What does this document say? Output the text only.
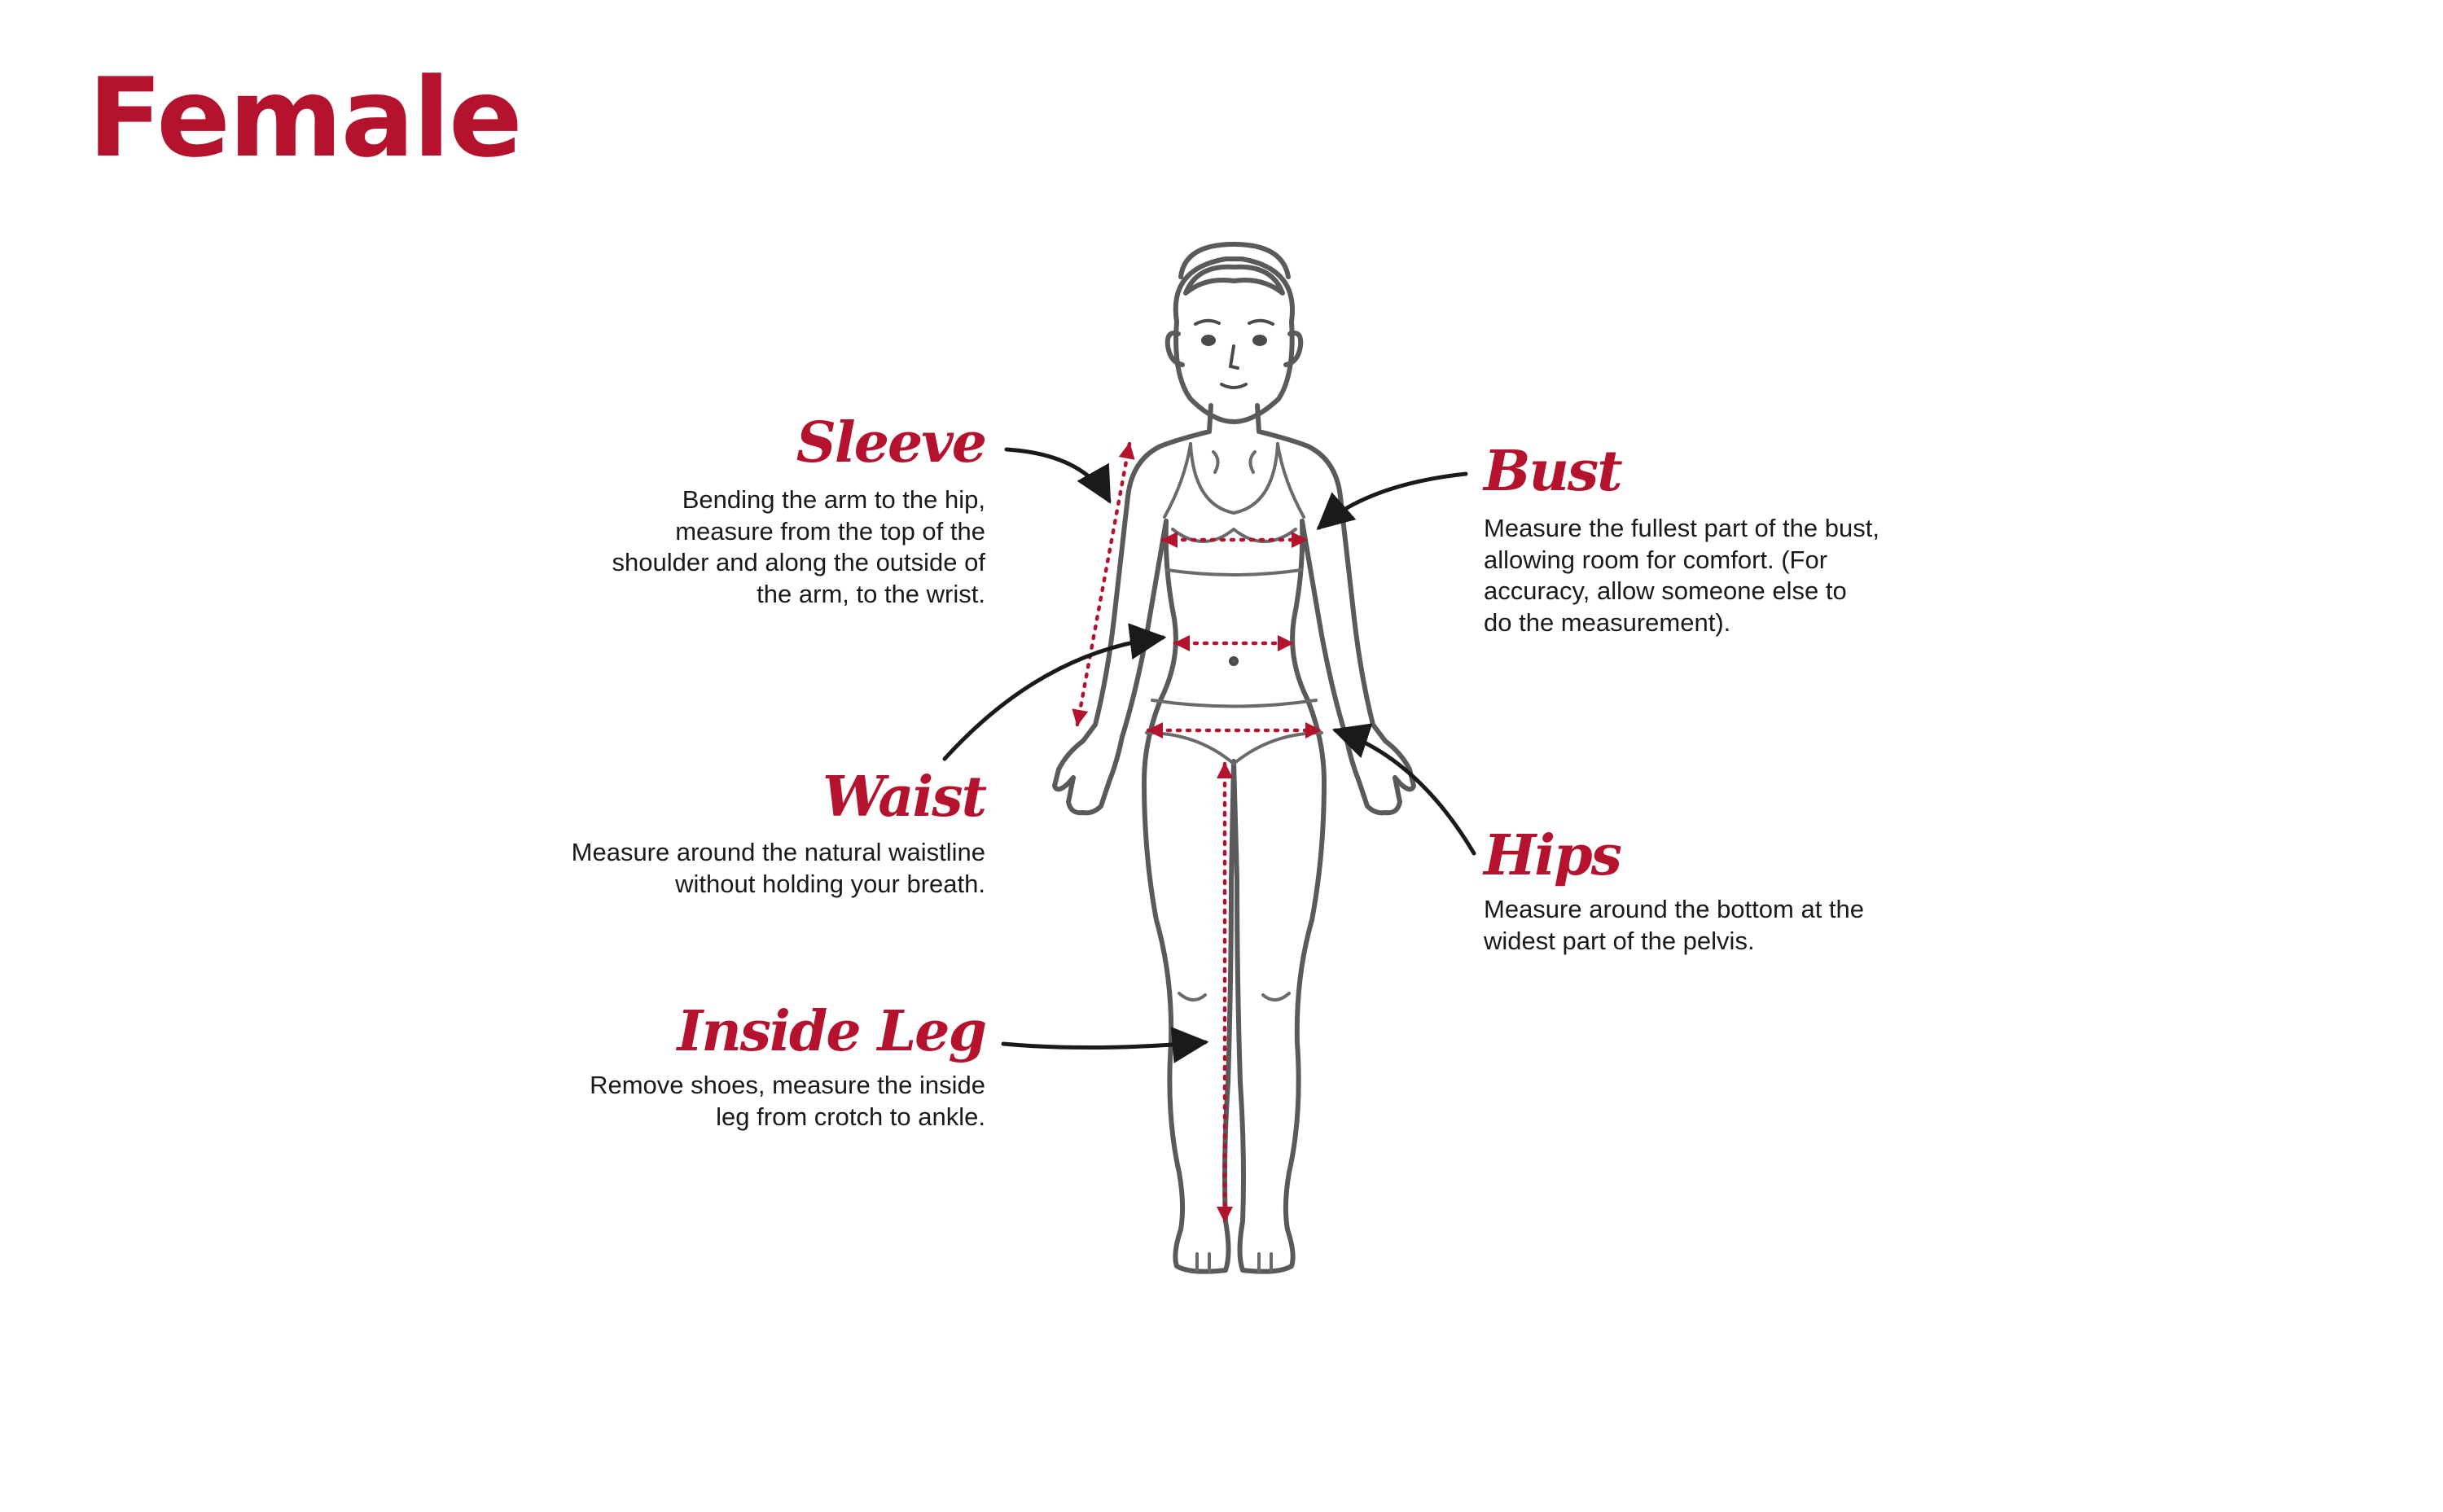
Female
Sleeve
Bending the arm to the hip,
measure from the top of the
shoulder and along the outside of
the arm, to the wrist.
Bust
Measure the fullest part of the bust,
allowing room for comfort. (For
accuracy, allow someone else to
do the measurement).
Waist
Measure around the natural waistline
without holding your breath.	Hips
Measure around the bottom at the
widest part of the pelvis.
Inside Leg
Remove shoes, measure the inside
leg from crotch to ankle.
